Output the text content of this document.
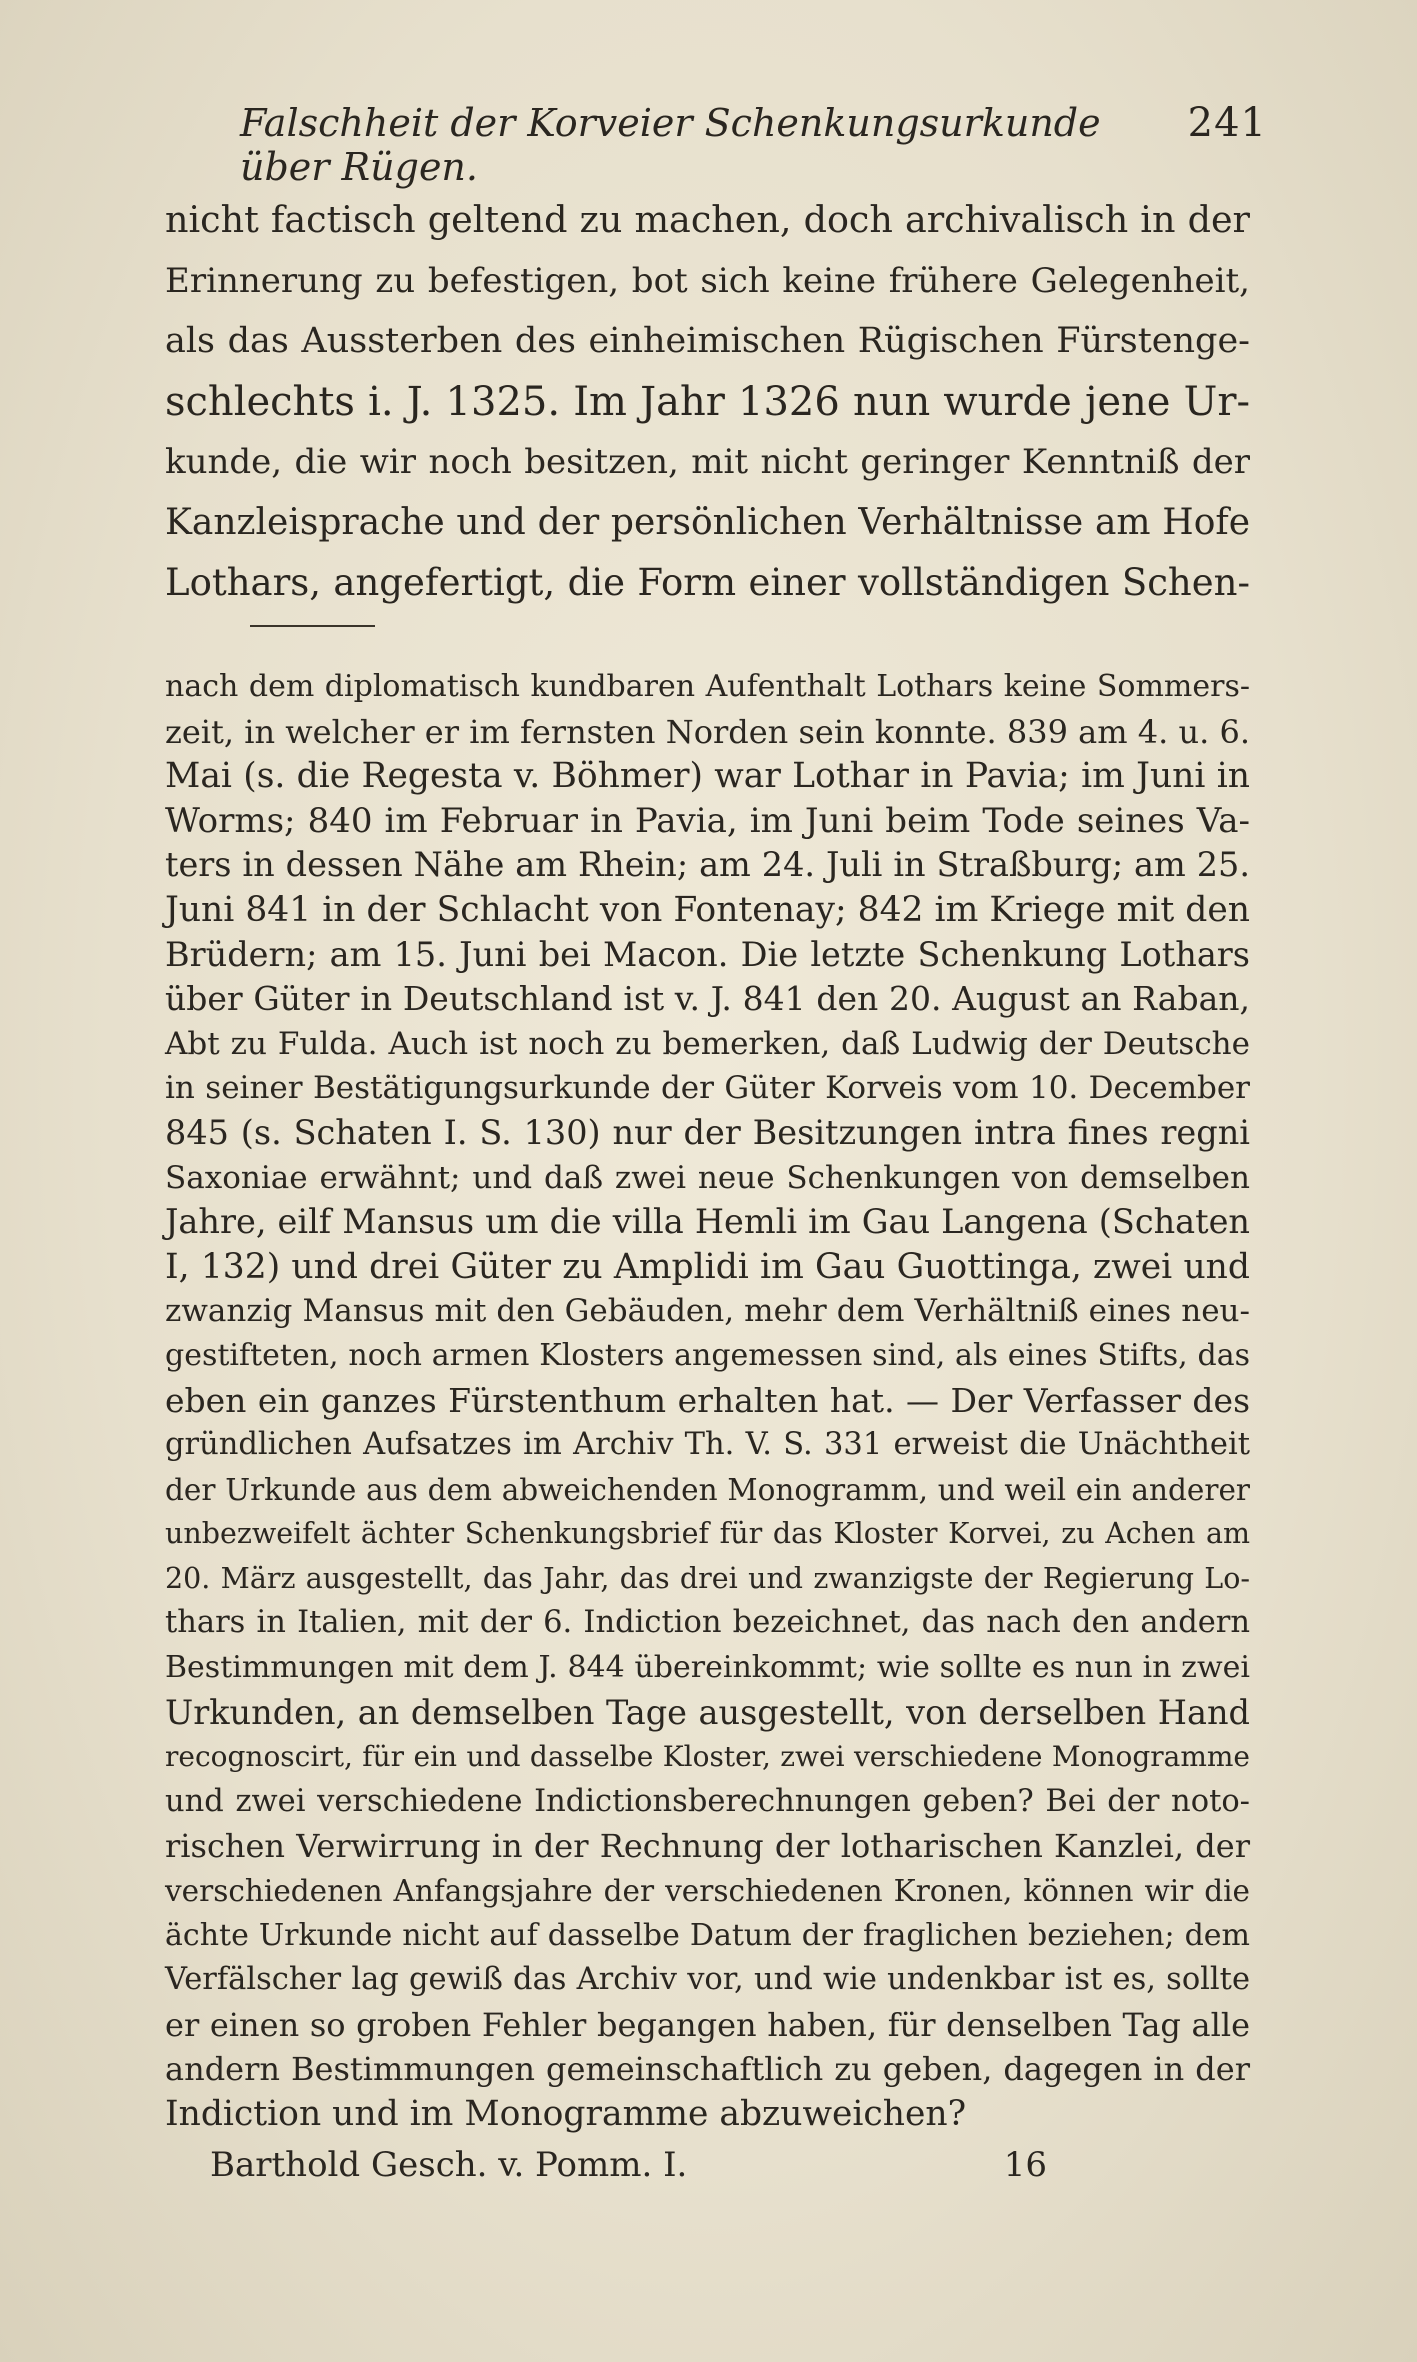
Falschheit der Korveier Schenkungsurkunde über Rügen.
241
nicht factisch geltend zu machen, doch archivalisch in der
Erinnerung zu befestigen, bot sich keine frühere Gelegenheit,
als das Aussterben des einheimischen Rügischen Fürstenge-
schlechts i. J. 1325. Im Jahr 1326 nun wurde jene Ur-
kunde, die wir noch besitzen, mit nicht geringer Kenntniß der
Kanzleisprache und der persönlichen Verhältnisse am Hofe
Lothars, angefertigt, die Form einer vollständigen Schen-
nach dem diplomatisch kundbaren Aufenthalt Lothars keine Sommers-
zeit, in welcher er im fernsten Norden sein konnte. 839 am 4. u. 6.
Mai (s. die Regesta v. Böhmer) war Lothar in Pavia; im Juni in
Worms; 840 im Februar in Pavia, im Juni beim Tode seines Va-
ters in dessen Nähe am Rhein; am 24. Juli in Straßburg; am 25.
Juni 841 in der Schlacht von Fontenay; 842 im Kriege mit den
Brüdern; am 15. Juni bei Macon. Die letzte Schenkung Lothars
über Güter in Deutschland ist v. J. 841 den 20. August an Raban,
Abt zu Fulda. Auch ist noch zu bemerken, daß Ludwig der Deutsche
in seiner Bestätigungsurkunde der Güter Korveis vom 10. December
845 (s. Schaten I. S. 130) nur der Besitzungen intra fines regni
Saxoniae erwähnt; und daß zwei neue Schenkungen von demselben
Jahre, eilf Mansus um die villa Hemli im Gau Langena (Schaten
I, 132) und drei Güter zu Amplidi im Gau Guottinga, zwei und
zwanzig Mansus mit den Gebäuden, mehr dem Verhältniß eines neu-
gestifteten, noch armen Klosters angemessen sind, als eines Stifts, das
eben ein ganzes Fürstenthum erhalten hat. — Der Verfasser des
gründlichen Aufsatzes im Archiv Th. V. S. 331 erweist die Unächtheit
der Urkunde aus dem abweichenden Monogramm, und weil ein anderer
unbezweifelt ächter Schenkungsbrief für das Kloster Korvei, zu Achen am
20. März ausgestellt, das Jahr, das drei und zwanzigste der Regierung Lo-
thars in Italien, mit der 6. Indiction bezeichnet, das nach den andern
Bestimmungen mit dem J. 844 übereinkommt; wie sollte es nun in zwei
Urkunden, an demselben Tage ausgestellt, von derselben Hand
recognoscirt, für ein und dasselbe Kloster, zwei verschiedene Monogramme
und zwei verschiedene Indictionsberechnungen geben? Bei der noto-
rischen Verwirrung in der Rechnung der lotharischen Kanzlei, der
verschiedenen Anfangsjahre der verschiedenen Kronen, können wir die
ächte Urkunde nicht auf dasselbe Datum der fraglichen beziehen; dem
Verfälscher lag gewiß das Archiv vor, und wie undenkbar ist es, sollte
er einen so groben Fehler begangen haben, für denselben Tag alle
andern Bestimmungen gemeinschaftlich zu geben, dagegen in der
Indiction und im Monogramme abzuweichen?
Barthold Gesch. v. Pomm. I.	16
